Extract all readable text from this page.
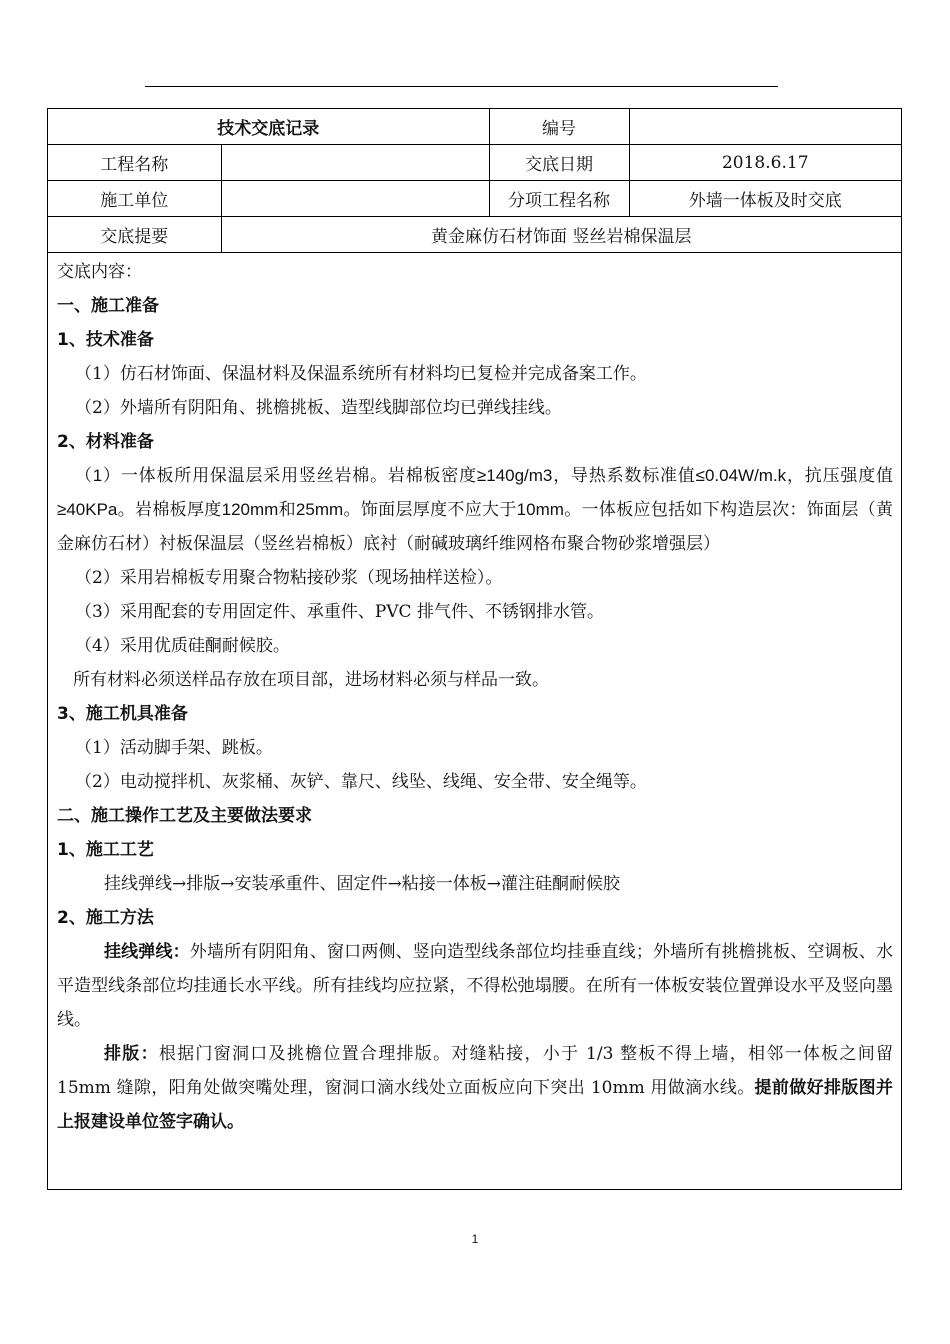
技术交底记录		编号	
工程名称		交底日期	2018.6.17
施工单位		分项工程名称	外墙一体板及时交底
交底提要	黄金麻仿石材饰面 竖丝岩棉保温层		

交底内容：

一、施工准备

1、技术准备

（1）仿石材饰面、保温材料及保温系统所有材料均已复检并完成备案工作。

（2）外墙所有阴阳角、挑檐挑板、造型线脚部位均已弹线挂线。

2、材料准备

（1）一体板所用保温层采用竖丝岩棉。岩棉板密度≥140g/m3，导热系数标准值≤0.04W/m.k，抗压强度值≥40KPa。岩棉板厚度120mm和25mm。饰面层厚度不应大于10mm。一体板应包括如下构造层次：饰面层（黄金麻仿石材）衬板保温层（竖丝岩棉板）底衬（耐碱玻璃纤维网格布聚合物砂浆增强层）

（2）采用岩棉板专用聚合物粘接砂浆（现场抽样送检）。

（3）采用配套的专用固定件、承重件、PVC 排气件、不锈钢排水管。

（4）采用优质硅酮耐候胶。

所有材料必须送样品存放在项目部，进场材料必须与样品一致。

3、施工机具准备

（1）活动脚手架、跳板。

（2）电动搅拌机、灰浆桶、灰铲、靠尺、线坠、线绳、安全带、安全绳等。

二、施工操作工艺及主要做法要求

1、施工工艺

挂线弹线→排版→安装承重件、固定件→粘接一体板→灌注硅酮耐候胶

2、施工方法

挂线弹线：外墙所有阴阳角、窗口两侧、竖向造型线条部位均挂垂直线；外墙所有挑檐挑板、空调板、水平造型线条部位均挂通长水平线。所有挂线均应拉紧，不得松弛塌腰。在所有一体板安装位置弹设水平及竖向墨线。

排版：根据门窗洞口及挑檐位置合理排版。对缝粘接，小于 1/3 整板不得上墙，相邻一体板之间留 15mm 缝隙，阳角处做突嘴处理，窗洞口滴水线处立面板应向下突出 10mm 用做滴水线。提前做好排版图并上报建设单位签字确认。

1
